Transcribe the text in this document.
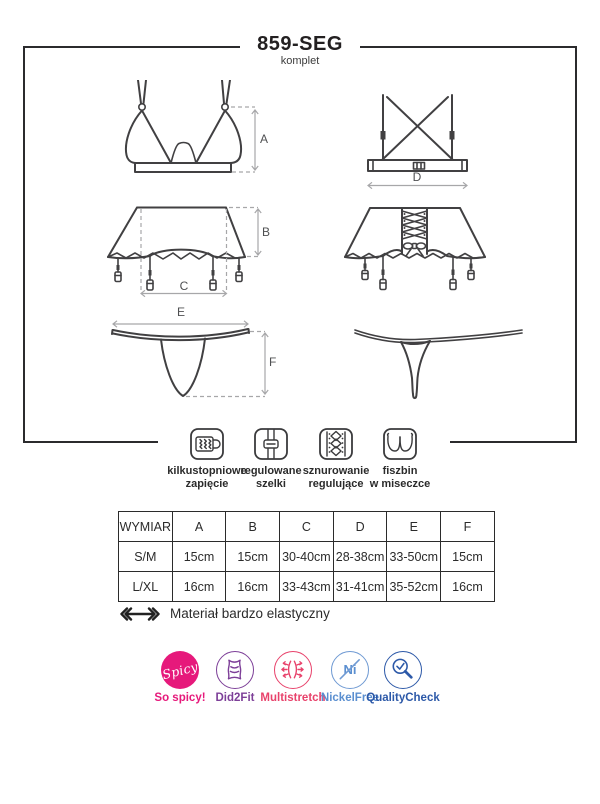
859-SEG
komplet
A
D
B
C
E
F
kilkustopniowe
zapięcie
regulowane
szelki
sznurowanie
regulujące
fiszbin
w miseczce
WYMIAR	A	B	C	D	E	F
S/M	15cm	15cm	30-40cm	28-38cm	33-50cm	15cm
L/XL	16cm	16cm	33-43cm	31-41cm	35-52cm	16cm
Materiał bardzo elastyczny
Spicy
So spicy! Did2Fit Multistretch
Ni
NickelFree
QualityCheck
